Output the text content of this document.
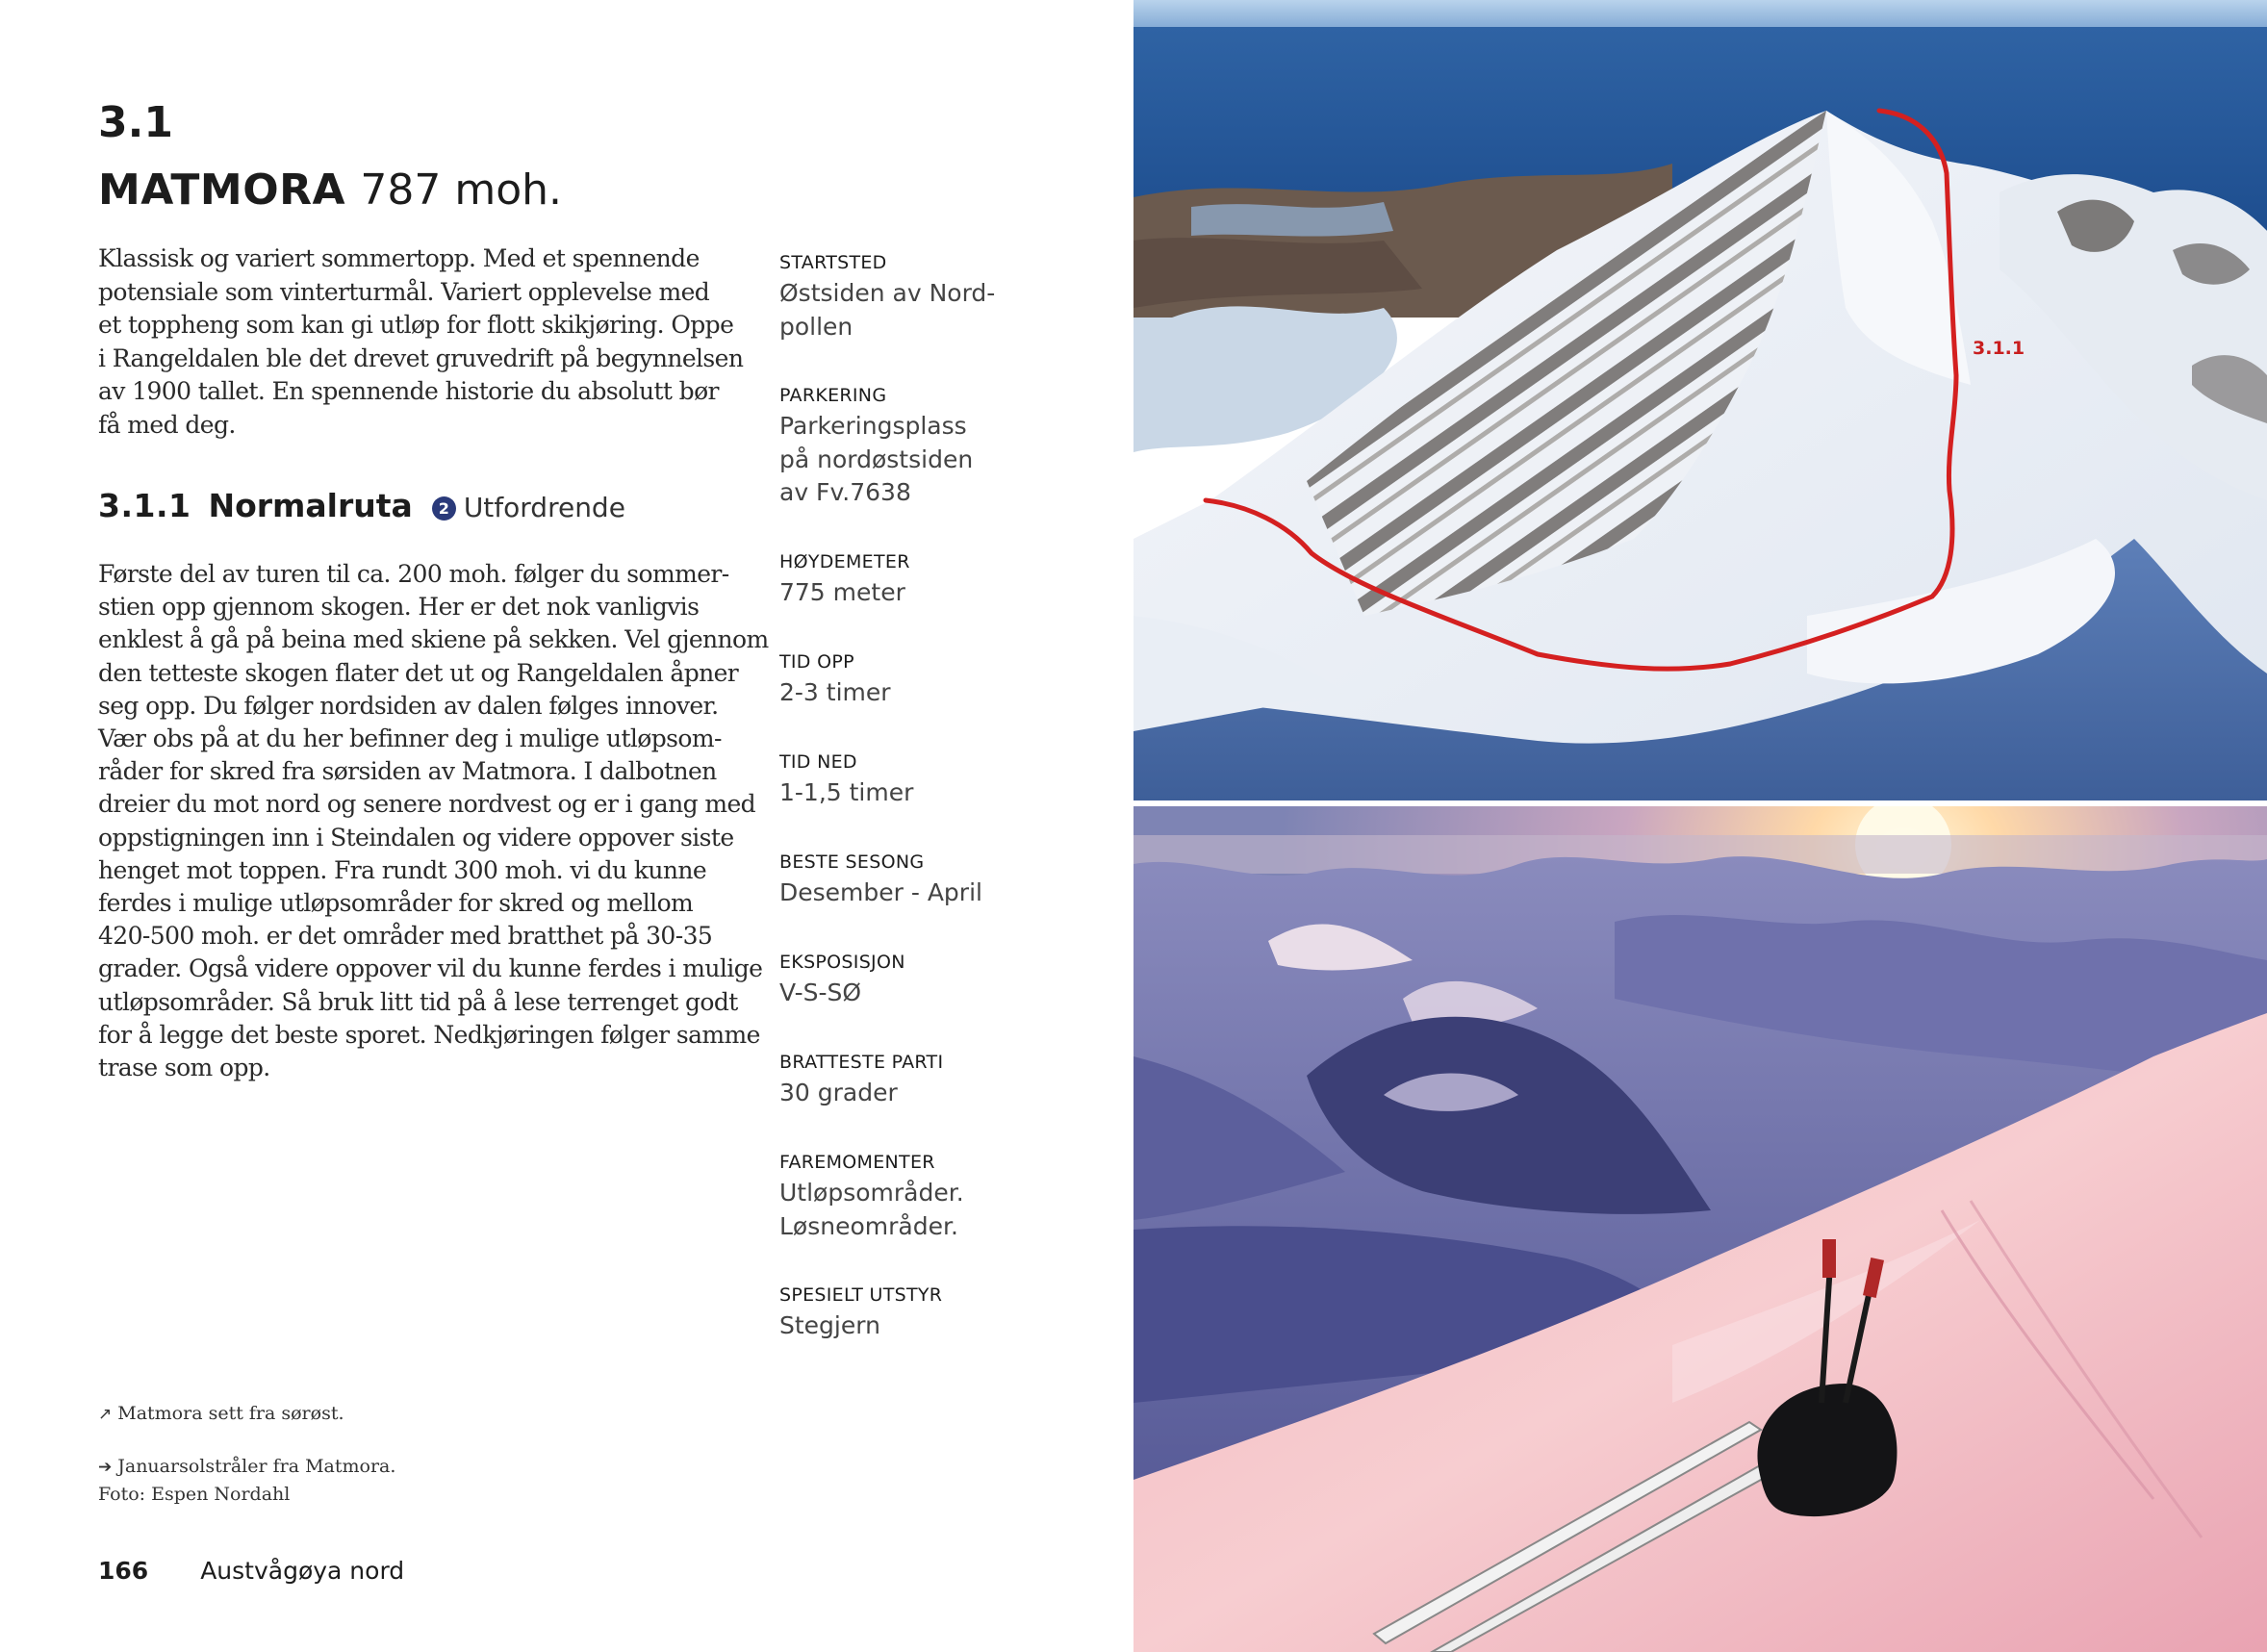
3.1
MATMORA 787 moh.

Klassisk og variert sommertopp. Med et spennende
potensiale som vinterturmål. Variert opplevelse med
et toppheng som kan gi utløp for flott skikjøring. Oppe
i Rangeldalen ble det drevet gruvedrift på begynnelsen
av 1900 tallet. En spennende historie du absolutt bør
få med deg.

3.1.1 Normalruta 2 Utfordrende

Første del av turen til ca. 200 moh. følger du sommer-
stien opp gjennom skogen. Her er det nok vanligvis
enklest å gå på beina med skiene på sekken. Vel gjennom
den tetteste skogen flater det ut og Rangeldalen åpner
seg opp. Du følger nordsiden av dalen følges innover.
Vær obs på at du her befinner deg i mulige utløpsom-
råder for skred fra sørsiden av Matmora. I dalbotnen
dreier du mot nord og senere nordvest og er i gang med
oppstigningen inn i Steindalen og videre oppover siste
henget mot toppen. Fra rundt 300 moh. vi du kunne
ferdes i mulige utløpsområder for skred og mellom
420-500 moh. er det områder med bratthet på 30-35
grader. Også videre oppover vil du kunne ferdes i mulige
utløpsområder. Så bruk litt tid på å lese terrenget godt
for å legge det beste sporet. Nedkjøringen følger samme
trase som opp.

STARTSTED
Østsiden av Nord-
pollen
PARKERING
Parkeringsplass
på nordøstsiden
av Fv.7638
HØYDEMETER
775 meter
TID OPP
2-3 timer
TID NED
1-1,5 timer
BESTE SESONG
Desember - April
EKSPOSISJON
V-S-SØ
BRATTESTE PARTI
30 grader
FAREMOMENTER
Utløpsområder.
Løsneområder.
SPESIELT UTSTYR
Stegjern

↗ Matmora sett fra sørøst.

➔ Januarsolstråler fra Matmora.
Foto: Espen Nordahl

166 Austvågøya nord
3.1.1
